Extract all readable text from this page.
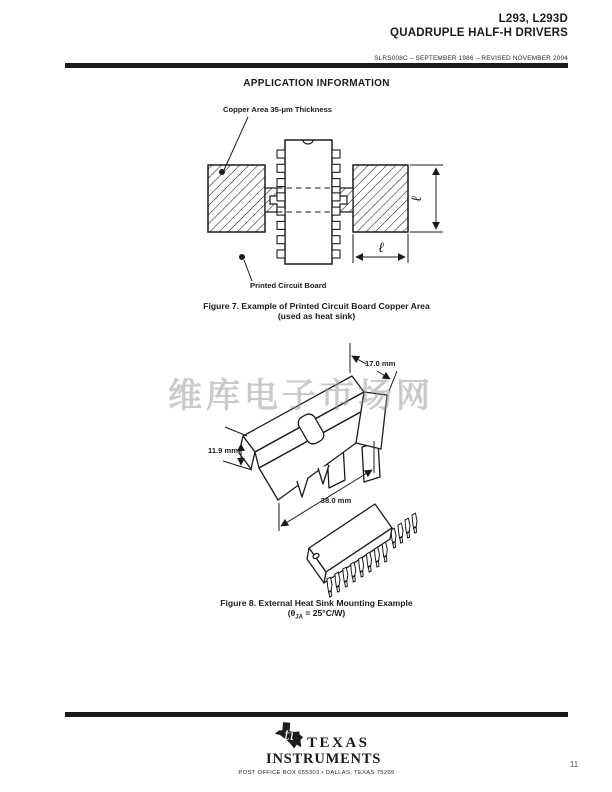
L293, L293D
QUADRUPLE HALF-H DRIVERS
SLRS008C – SEPTEMBER 1986 – REVISED NOVEMBER 2004
APPLICATION INFORMATION
ℓ
ℓ
Copper Area 35-μm Thickness
Printed Circuit Board
Figure 7. Example of Printed Circuit Board Copper Area
(used as heat sink)
维库电子市场网
17.0 mm
11.9 mm
38.0 mm
Figure 8. External Heat Sink Mounting Example
$(\theta_{JA} = 25^\circ C/W)$
ti TEXAS
INSTRUMENTS
POST OFFICE BOX 655303 • DALLAS, TEXAS 75265
11
